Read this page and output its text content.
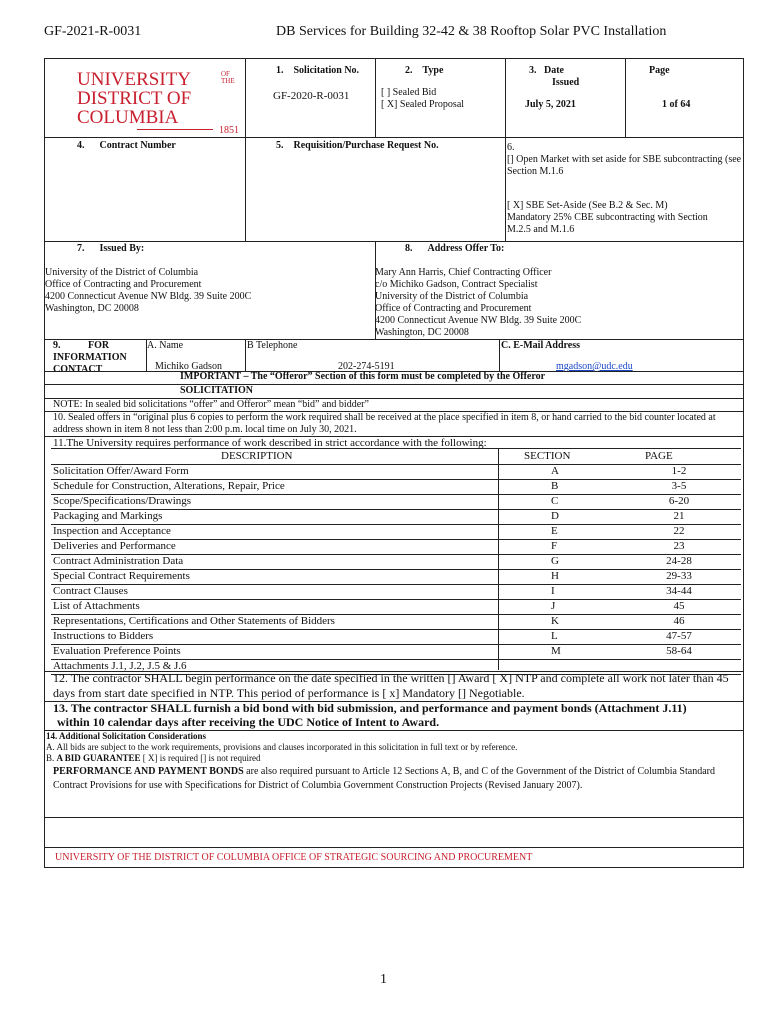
GF-2021-R-0031	DB Services for Building 32-42 & 38 Rooftop Solar PVC Installation
UNIVERSITY	OF
THE
DISTRICT OF
COLUMBIA
1851
1. Solicitation No.
GF-2020-R-0031
2. Type
[ ] Sealed Bid
[ X] Sealed Proposal
3. Date
Issued
July 5, 2021
Page
1 of 64
4. Contract Number	5. Requisition/Purchase Request No.	6.
[] Open Market with set aside for SBE subcontracting (see
Section M.1.6
[ X] SBE Set-Aside (See B.2 & Sec. M)
Mandatory 25% CBE subcontracting with Section
M.2.5 and M.1.6
7. Issued By:
University of the District of Columbia
Office of Contracting and Procurement
4200 Connecticut Avenue NW Bldg. 39 Suite 200C
Washington, DC 20008
8. Address Offer To:
Mary Ann Harris, Chief Contracting Officer
c/o Michiko Gadson, Contract Specialist
University of the District of Columbia
Office of Contracting and Procurement
4200 Connecticut Avenue NW Bldg. 39 Suite 200C
Washington, DC 20008
9.	FOR
INFORMATION
CONTACT
A. Name
Michiko Gadson
B Telephone
202-274-5191
C. E-Mail Address
mgadson@udc.edu
IMPORTANT – The “Offeror” Section of this form must be completed by the Offeror
SOLICITATION
NOTE: In sealed bid solicitations “offer” and Offeror” mean “bid” and bidder”
10. Sealed offers in “original plus 6 copies to perform the work required shall be received at the place specified in item 8, or hand carried to the bid counter located at address shown in item 8 not less than 2:00 p.m. local time on July 30, 2021.
11.The University requires performance of work described in strict accordance with the following:
DESCRIPTION	SECTION	PAGE
Solicitation Offer/Award Form	A	1-2
Schedule for Construction, Alterations, Repair, Price	B	3-5
Scope/Specifications/Drawings	C	6-20
Packaging and Markings	D	21
Inspection and Acceptance	E	22
Deliveries and Performance	F	23
Contract Administration Data	G	24-28
Special Contract Requirements	H	29-33
Contract Clauses	I	34-44
List of Attachments	J	45
Representations, Certifications and Other Statements of Bidders	K	46
Instructions to Bidders	L	47-57
Evaluation Preference Points	M	58-64
Attachments J.1, J.2, J.5 & J.6
12. The contractor SHALL begin performance on the date specified in the written [] Award [ X] NTP and complete all work not later than 45 days from start date specified in NTP. This period of performance is [ x] Mandatory [] Negotiable.
13. The contractor SHALL furnish a bid bond with bid submission, and performance and payment bonds (Attachment J.11)
within 10 calendar days after receiving the UDC Notice of Intent to Award.
14. Additional Solicitation Considerations
A. All bids are subject to the work requirements, provisions and clauses incorporated in this solicitation in full text or by reference.
B. A BID GUARANTEE [ X] is required [] is not required
PERFORMANCE AND PAYMENT BONDS are also required pursuant to Article 12 Sections A, B, and C of the Government of the District of Columbia Standard Contract Provisions for use with Specifications for District of Columbia Government Construction Projects (Revised January 2007).
UNIVERSITY OF THE DISTRICT OF COLUMBIA OFFICE OF STRATEGIC SOURCING AND PROCUREMENT
1
